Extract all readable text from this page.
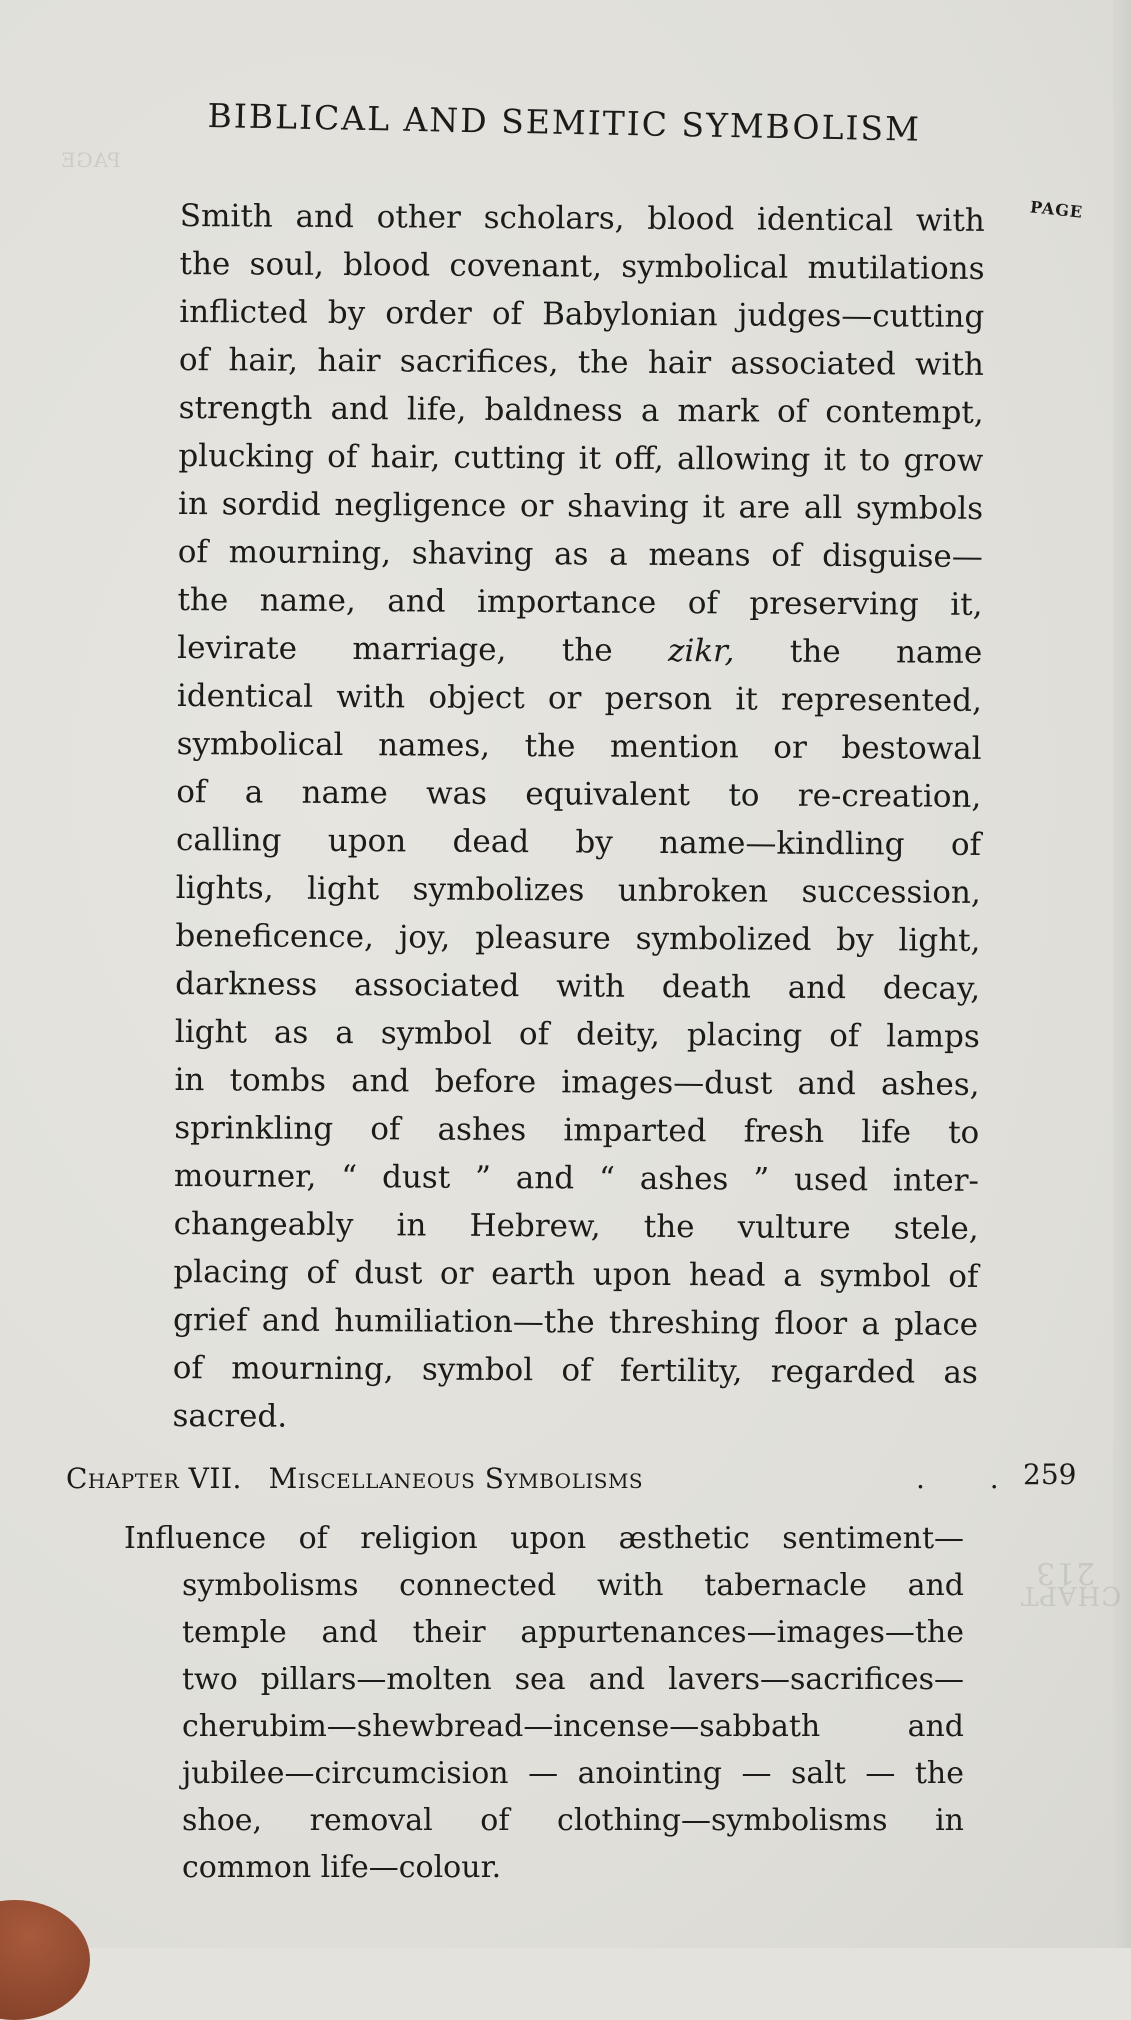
PAGE
213
CHAPT
BIBLICAL AND SEMITIC SYMBOLISM
PAGE
Smith and other scholars, blood identical with
the soul, blood covenant, symbolical mutilations
inflicted by order of Babylonian judges—cutting
of hair, hair sacrifices, the hair associated with
strength and life, baldness a mark of contempt,
plucking of hair, cutting it off, allowing it to grow
in sordid negligence or shaving it are all symbols
of mourning, shaving as a means of disguise—
the name, and importance of preserving it,
levirate marriage, the zikr, the name
identical with object or person it represented,
symbolical names, the mention or bestowal
of a name was equivalent to re-creation,
calling upon dead by name—kindling of
lights, light symbolizes unbroken succession,
beneficence, joy, pleasure symbolized by light,
darkness associated with death and decay,
light as a symbol of deity, placing of lamps
in tombs and before images—dust and ashes,
sprinkling of ashes imparted fresh life to
mourner, “ dust ” and “ ashes ” used inter-
changeably in Hebrew, the vulture stele,
placing of dust or earth upon head a symbol of
grief and humiliation—the threshing floor a place
of mourning, symbol of fertility, regarded as
sacred.
Chapter VII. Miscellaneous Symbolisms	. .
259
Influence of religion upon æsthetic sentiment—
symbolisms connected with tabernacle and
temple and their appurtenances—images—the
two pillars—molten sea and lavers—sacrifices—
cherubim—shewbread—incense—sabbath and
jubilee—circumcision — anointing — salt — the
shoe, removal of clothing—symbolisms in
common life—colour.
